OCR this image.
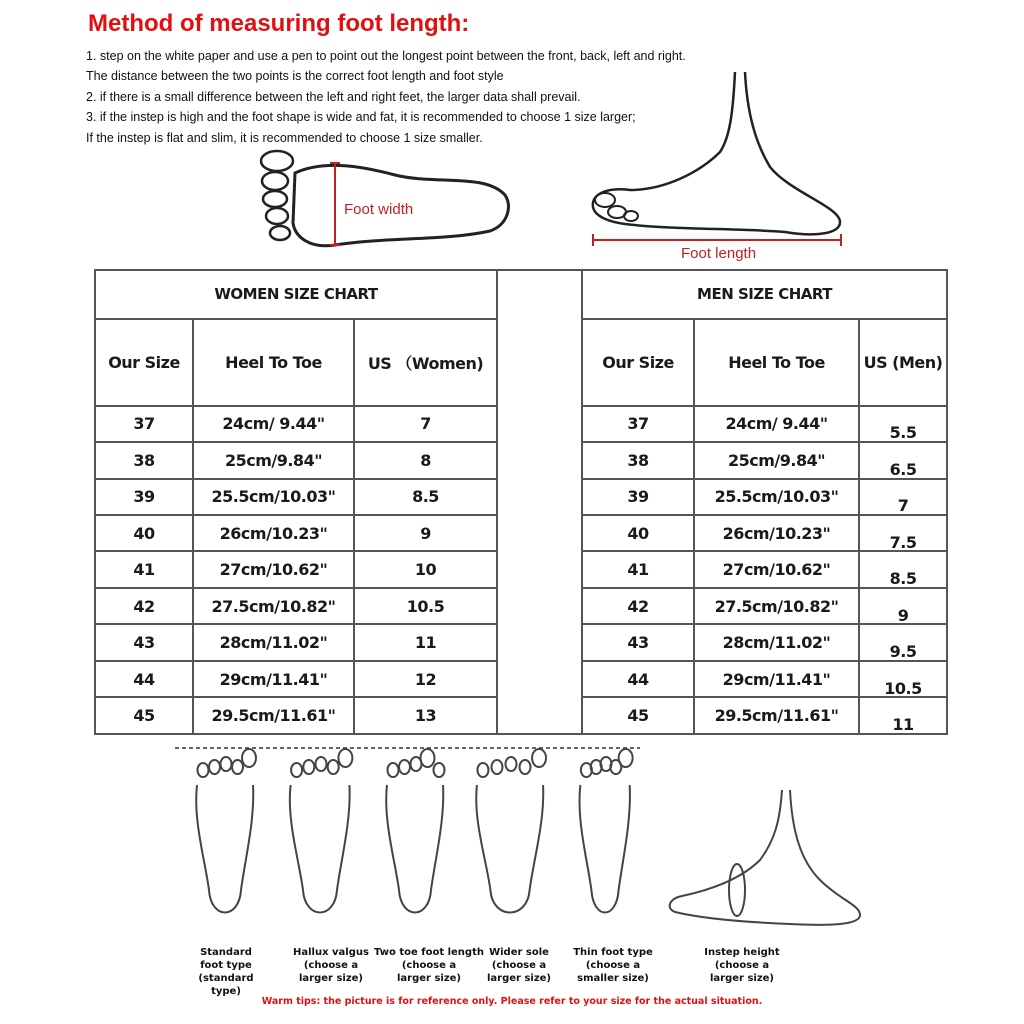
Method of measuring foot length:
1. step on the white paper and use a pen to point out the longest point between the front, back, left and right.
The distance between the two points is the correct foot length and foot style
2. if there is a small difference between the left and right feet, the larger data shall prevail.
3. if the instep is high and the foot shape is wide and fat, it is recommended to choose 1 size larger;
If the instep is flat and slim, it is recommended to choose 1 size smaller.
Foot width
Foot length
WOMEN SIZE CHART				MEN SIZE CHART		
Our Size	Heel To Toe	US （Women)		Our Size	Heel To Toe	US (Men)
37	24cm/ 9.44"	7		37	24cm/ 9.44"	5.5
38	25cm/9.84"	8		38	25cm/9.84"	6.5
39	25.5cm/10.03"	8.5		39	25.5cm/10.03"	7
40	26cm/10.23"	9		40	26cm/10.23"	7.5
41	27cm/10.62"	10		41	27cm/10.62"	8.5
42	27.5cm/10.82"	10.5		42	27.5cm/10.82"	9
43	28cm/11.02"	11		43	28cm/11.02"	9.5
44	29cm/11.41"	12		44	29cm/11.41"	10.5
45	29.5cm/11.61"	13		45	29.5cm/11.61"	11
Standard
foot type
(standard type)
Hallux valgus
(choose a
larger size)
Two toe foot length
(choose a
larger size)
Wider sole
(choose a
larger size)
Thin foot type
(choose a
smaller size)
Instep height
(choose a
larger size)
Warm tips: the picture is for reference only. Please refer to your size for the actual situation.
